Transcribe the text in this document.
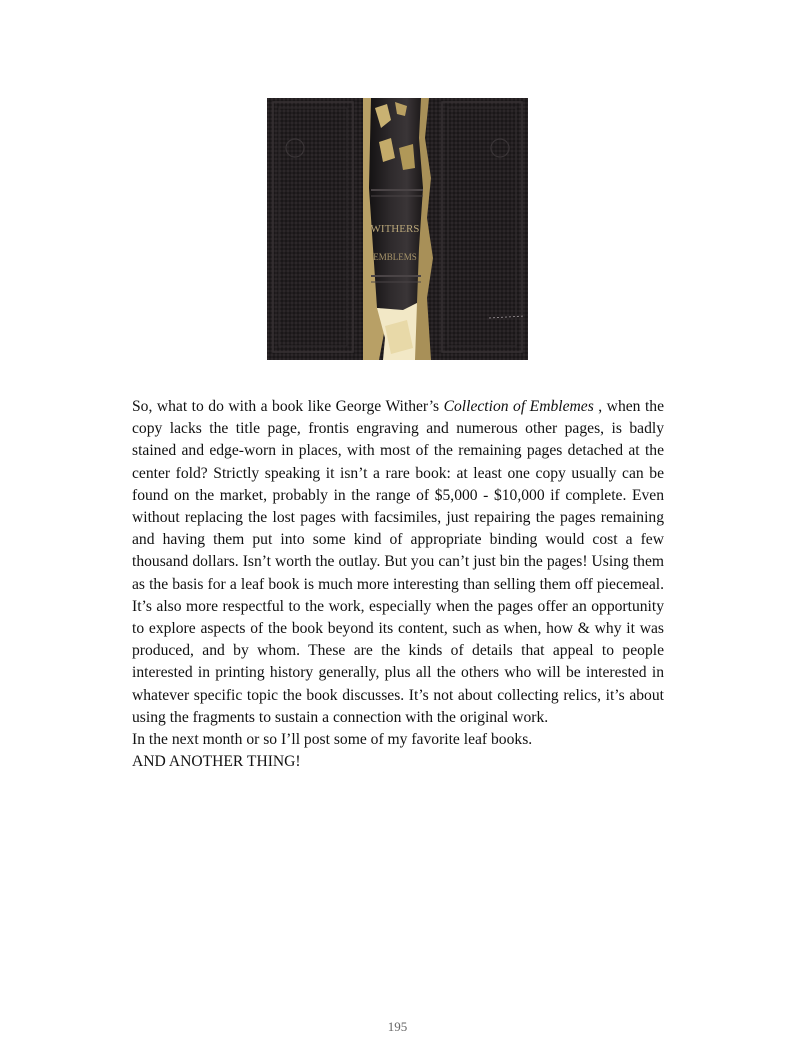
WITHERS
EMBLEMS

So, what to do with a book like George Wither’s Collection of Emblemes , when the copy lacks the title page, frontis engraving and numerous other pages, is badly stained and edge-worn in places, with most of the remaining pages detached at the center fold? Strictly speaking it isn’t a rare book: at least one copy usually can be found on the market, probably in the range of $5,000 - $10,000 if complete. Even without replacing the lost pages with facsimiles, just repairing the pages remaining and having them put into some kind of appropriate binding would cost a few thousand dollars. Isn’t worth the outlay. But you can’t just bin the pages! Using them as the basis for a leaf book is much more interesting than selling them off piecemeal. It’s also more respectful to the work, especially when the pages offer an opportunity to explore aspects of the book beyond its content, such as when, how & why it was produced, and by whom. These are the kinds of details that appeal to people interested in printing history generally, plus all the others who will be interested in whatever specific topic the book discusses. It’s not about collecting relics, it’s about using the fragments to sustain a connection with the original work.

In the next month or so I’ll post some of my favorite leaf books.

AND ANOTHER THING!

195
